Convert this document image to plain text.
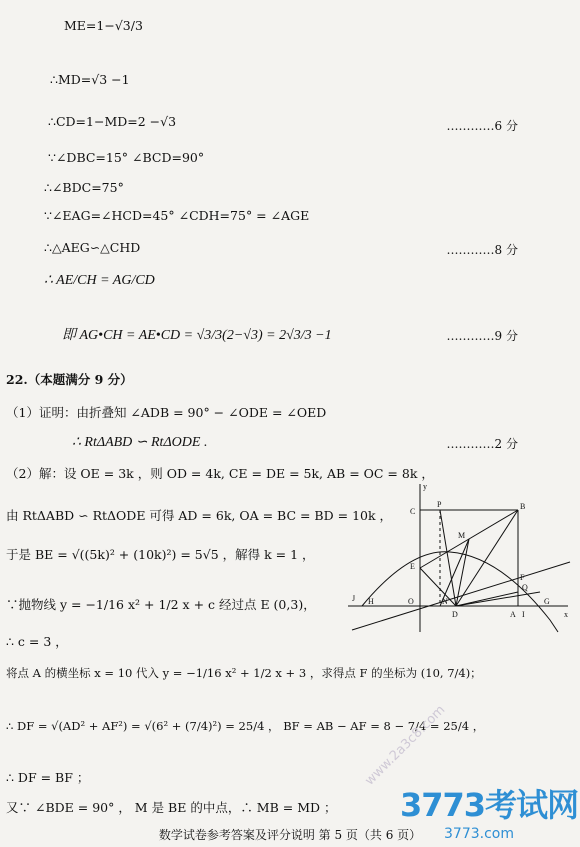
ME=1−√3/3
∴MD=√3 −1
∴CD=1−MD=2 −√3	…………6 分
∵∠DBC=15° ∠BCD=90°
∴∠BDC=75°
∵∠EAG=∠HCD=45° ∠CDH=75° = ∠AGE
∴△AEG∽△CHD	…………8 分
∴ AE/CH = AG/CD
即 AG•CH = AE•CD = √3/3(2−√3) = 2√3/3 −1	…………9 分
22.（本题满分 9 分）
（1）证明：由折叠知 ∠ADB = 90° − ∠ODE = ∠OED
∴ RtΔABD ∽ RtΔODE .	…………2 分
（2）解：设 OE = 3k ，则 OD = 4k, CE = DE = 5k, AB = OC = 8k ，
由 RtΔABD ∽ RtΔODE 可得 AD = 6k, OA = BC = BD = 10k ，
于是 BE = √((5k)² + (10k)²) = 5√5 ，解得 k = 1 ，
∵抛物线 y = −1/16 x² + 1/2 x + c 经过点 E (0,3)，
∴ c = 3 ，
将点 A 的横坐标 x = 10 代入 y = −1/16 x² + 1/2 x + 3 ，求得点 F 的坐标为 (10, 7/4)；
∴ DF = √(AD² + AF²) = √(6² + (7/4)²) = 25/4 ， BF = AB − AF = 8 − 7/4 = 25/4 ，
∴ DF = BF ；
又∵ ∠BDE = 90° ， M 是 BE 的中点，∴ MB = MD ；
数学试卷参考答案及评分说明 第 5 页（共 6 页）
www.2a3c8.com
3773考试网
3773.com
y
x
C
P	B
M
E
F
Q
J H	O	N
D	A I
G
